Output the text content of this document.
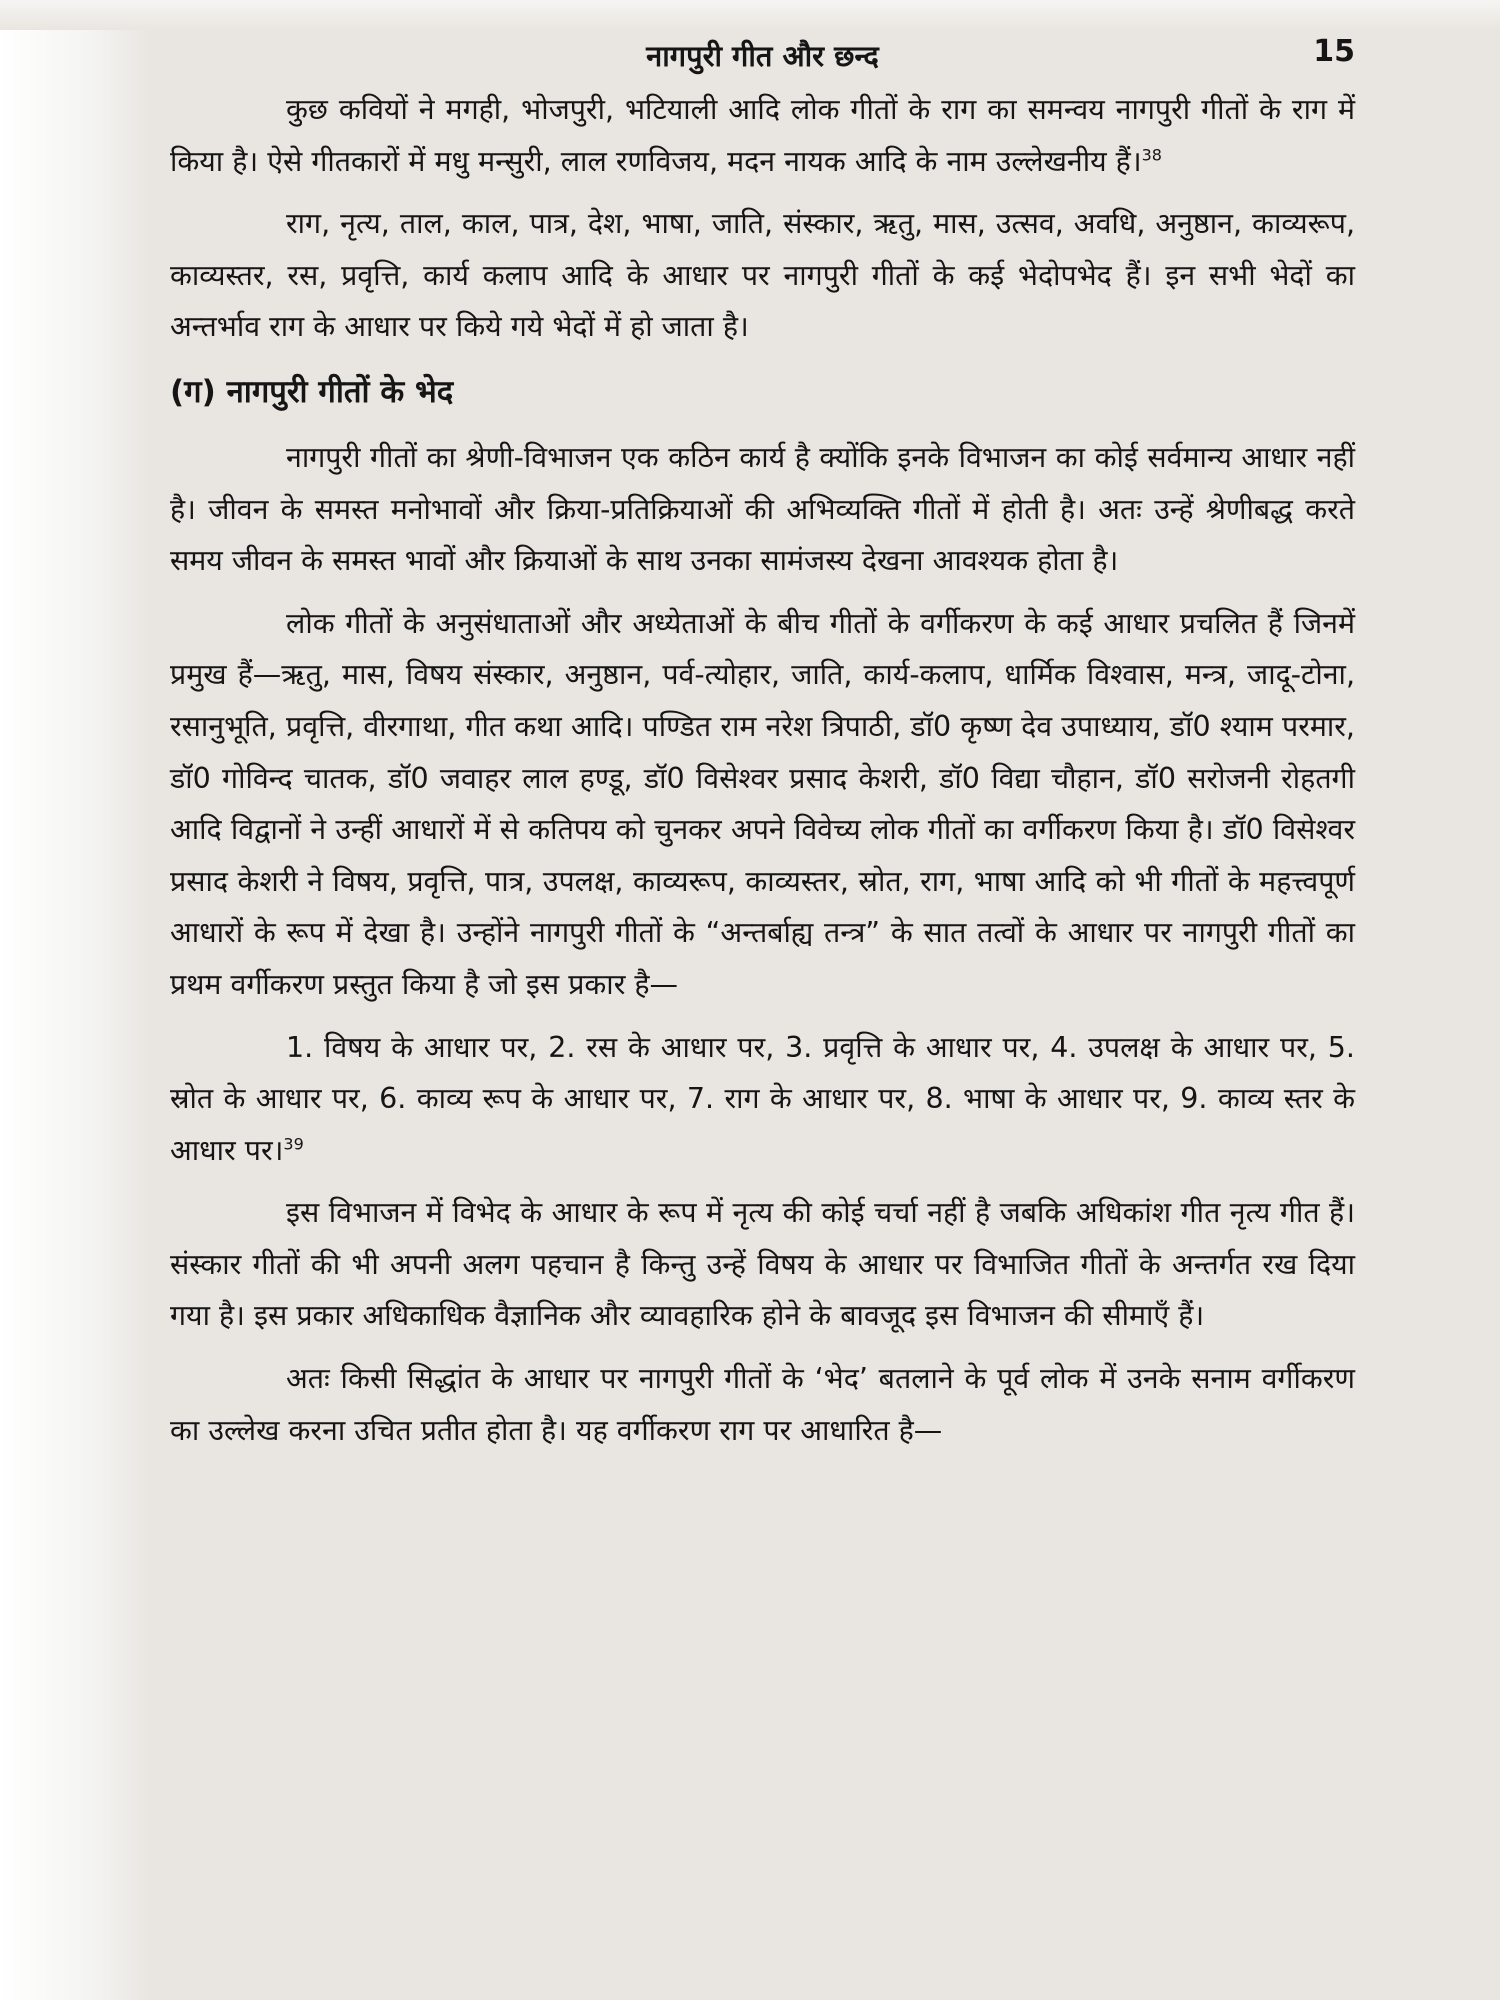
नागपुरी गीत और छन्द	15

कुछ कवियों ने मगही, भोजपुरी, भटियाली आदि लोक गीतों के राग का समन्वय नागपुरी गीतों के राग में किया है। ऐसे गीतकारों में मधु मन्सुरी, लाल रणविजय, मदन नायक आदि के नाम उल्लेखनीय हैं।$^{38}$

राग, नृत्य, ताल, काल, पात्र, देश, भाषा, जाति, संस्कार, ऋतु, मास, उत्सव, अवधि, अनुष्ठान, काव्यरूप, काव्यस्तर, रस, प्रवृत्ति, कार्य कलाप आदि के आधार पर नागपुरी गीतों के कई भेदोपभेद हैं। इन सभी भेदों का अन्तर्भाव राग के आधार पर किये गये भेदों में हो जाता है।

(ग) नागपुरी गीतों के भेद

नागपुरी गीतों का श्रेणी-विभाजन एक कठिन कार्य है क्योंकि इनके विभाजन का कोई सर्वमान्य आधार नहीं है। जीवन के समस्त मनोभावों और क्रिया-प्रतिक्रियाओं की अभिव्यक्ति गीतों में होती है। अतः उन्हें श्रेणीबद्ध करते समय जीवन के समस्त भावों और क्रियाओं के साथ उनका सामंजस्य देखना आवश्यक होता है।

लोक गीतों के अनुसंधाताओं और अध्येताओं के बीच गीतों के वर्गीकरण के कई आधार प्रचलित हैं जिनमें प्रमुख हैं—ऋतु, मास, विषय संस्कार, अनुष्ठान, पर्व-त्योहार, जाति, कार्य-कलाप, धार्मिक विश्वास, मन्त्र, जादू-टोना, रसानुभूति, प्रवृत्ति, वीरगाथा, गीत कथा आदि। पण्डित राम नरेश त्रिपाठी, डॉ0 कृष्ण देव उपाध्याय, डॉ0 श्याम परमार, डॉ0 गोविन्द चातक, डॉ0 जवाहर लाल हण्डू, डॉ0 विसेश्वर प्रसाद केशरी, डॉ0 विद्या चौहान, डॉ0 सरोजनी रोहतगी आदि विद्वानों ने उन्हीं आधारों में से कतिपय को चुनकर अपने विवेच्य लोक गीतों का वर्गीकरण किया है। डॉ0 विसेश्वर प्रसाद केशरी ने विषय, प्रवृत्ति, पात्र, उपलक्ष, काव्यरूप, काव्यस्तर, स्रोत, राग, भाषा आदि को भी गीतों के महत्त्वपूर्ण आधारों के रूप में देखा है। उन्होंने नागपुरी गीतों के “अन्तर्बाह्य तन्त्र” के सात तत्वों के आधार पर नागपुरी गीतों का प्रथम वर्गीकरण प्रस्तुत किया है जो इस प्रकार है—

1. विषय के आधार पर, 2. रस के आधार पर, 3. प्रवृत्ति के आधार पर, 4. उपलक्ष के आधार पर, 5. स्रोत के आधार पर, 6. काव्य रूप के आधार पर, 7. राग के आधार पर, 8. भाषा के आधार पर, 9. काव्य स्तर के आधार पर।$^{39}$

इस विभाजन में विभेद के आधार के रूप में नृत्य की कोई चर्चा नहीं है जबकि अधिकांश गीत नृत्य गीत हैं। संस्कार गीतों की भी अपनी अलग पहचान है किन्तु उन्हें विषय के आधार पर विभाजित गीतों के अन्तर्गत रख दिया गया है। इस प्रकार अधिकाधिक वैज्ञानिक और व्यावहारिक होने के बावजूद इस विभाजन की सीमाएँ हैं।

अतः किसी सिद्धांत के आधार पर नागपुरी गीतों के ‘भेद’ बतलाने के पूर्व लोक में उनके सनाम वर्गीकरण का उल्लेख करना उचित प्रतीत होता है। यह वर्गीकरण राग पर आधारित है—
